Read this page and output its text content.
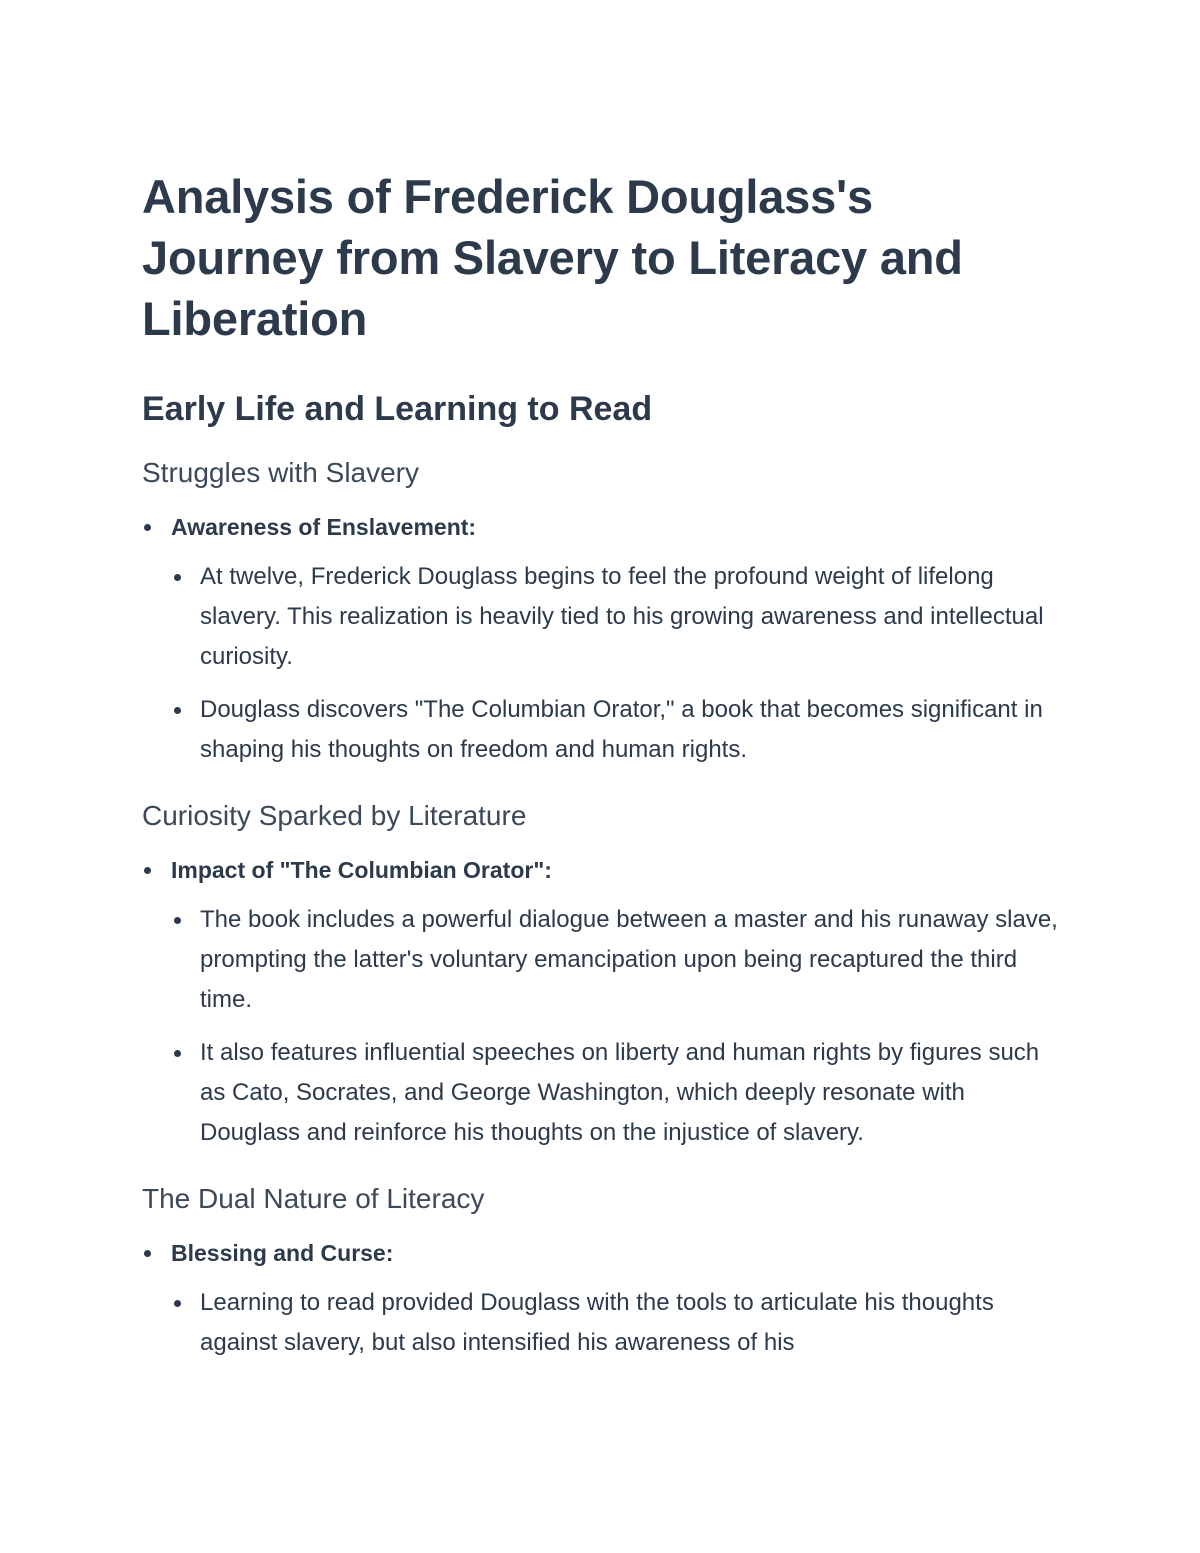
Analysis of Frederick Douglass's Journey from Slavery to Literacy and Liberation
Early Life and Learning to Read
Struggles with Slavery
Awareness of Enslavement:
At twelve, Frederick Douglass begins to feel the profound weight of lifelong slavery. This realization is heavily tied to his growing awareness and intellectual curiosity.
Douglass discovers "The Columbian Orator," a book that becomes significant in shaping his thoughts on freedom and human rights.
Curiosity Sparked by Literature
Impact of "The Columbian Orator":
The book includes a powerful dialogue between a master and his runaway slave, prompting the latter's voluntary emancipation upon being recaptured the third time.
It also features influential speeches on liberty and human rights by figures such as Cato, Socrates, and George Washington, which deeply resonate with Douglass and reinforce his thoughts on the injustice of slavery.
The Dual Nature of Literacy
Blessing and Curse:
Learning to read provided Douglass with the tools to articulate his thoughts against slavery, but also intensified his awareness of his
